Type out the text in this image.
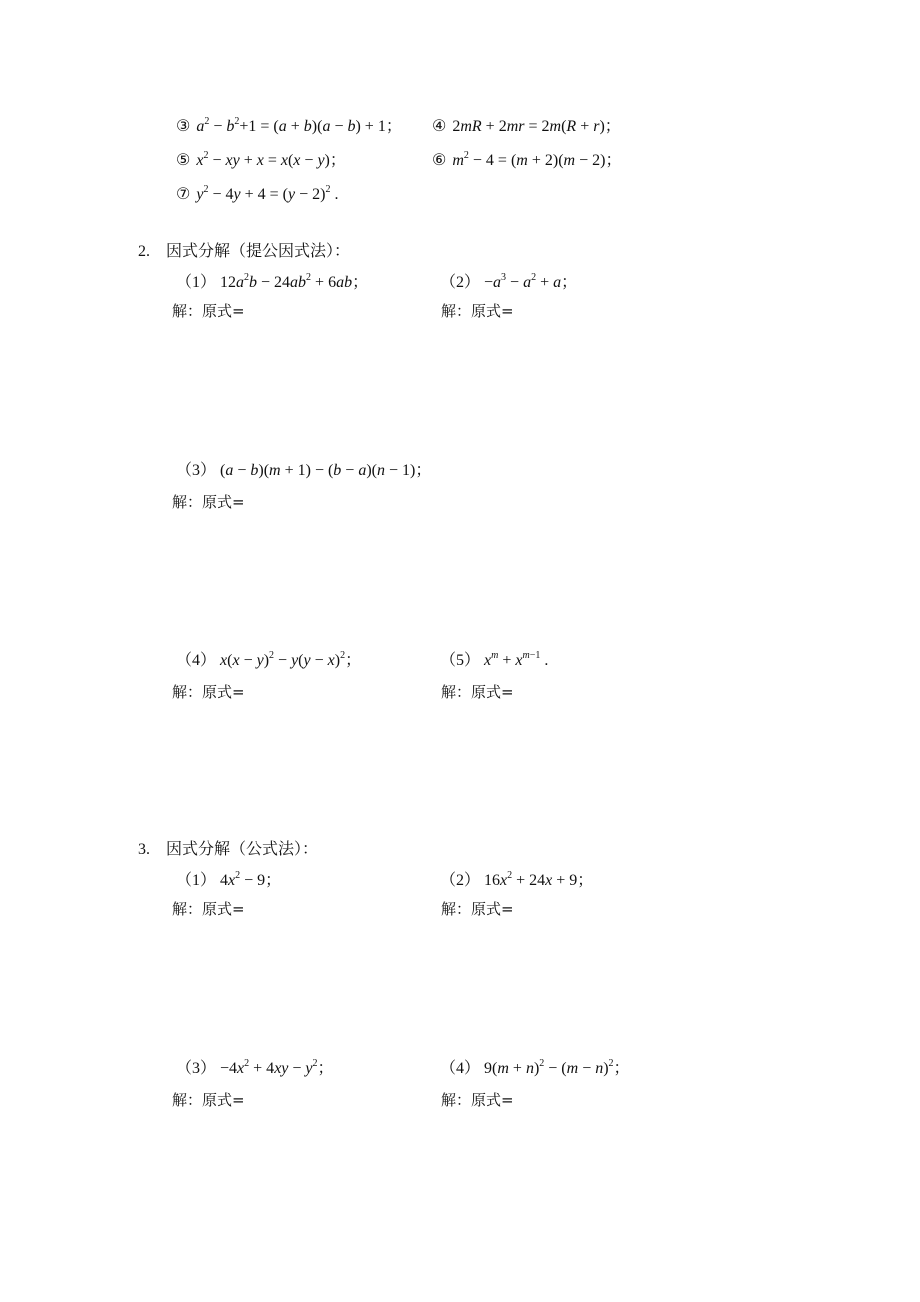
③ $a^2 - b^2+1 = (a + b)(a - b) + 1$； ④ 2mR + 2mr = 2m(R + r)；
⑤ $x^2$ − xy + x = x(x − y)；	⑥ $m^2 - 4 = (m + 2)(m - 2)$；
⑦ $y^2 - 4y + 4 = (y - 2)^2$ .
2. 因式分解（提公因式法）：
（1） $12a^2b - 24ab^2 + 6ab$；	$(2) -a^3 - a^2 + a$；
解：原式=	解：原式=
（3） (a − b)(m + 1) − (b − a)(n − 1)；
解：原式=
（4） $x(x - y)^2 - y(y - x)^2$；	（5） $x^m + x^{m-1}$ .
解：原式=	解：原式=
3. 因式分解（公式法）：
（1） $4x^2 - 9$；	（2） $16x^2 + 24x + 9$；
解：原式=	解：原式=
$(3) -4x^2 + 4xy - y^2$；	（4） $9(m + n)^2 - (m - n)^2$；
解：原式=	解：原式=
